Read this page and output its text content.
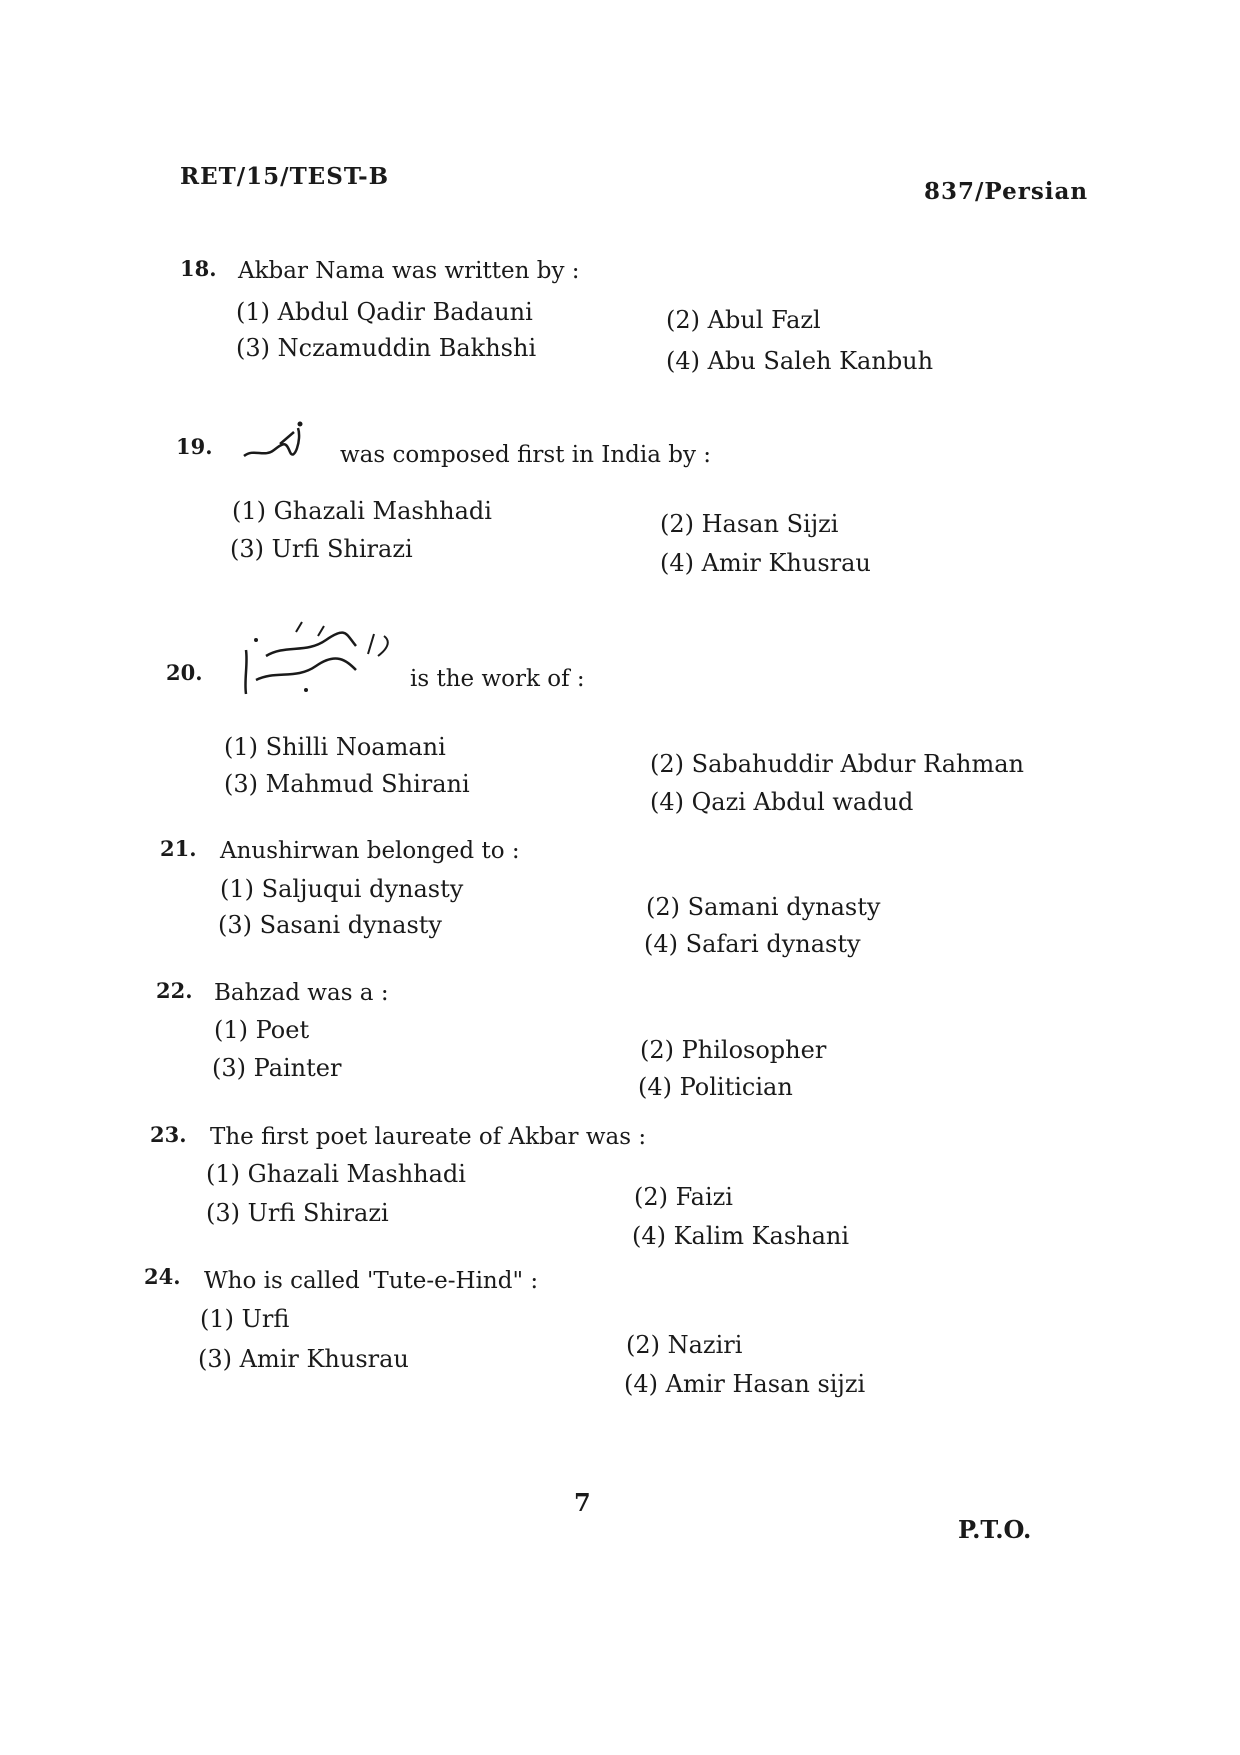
RET/15/TEST-B
837/Persian
18. Akbar Nama was written by :
(1) Abdul Qadir Badauni	(2) Abul Fazl
(3) Nczamuddin Bakhshi	(4) Abu Saleh Kanbuh
19.	was composed first in India by :
(1) Ghazali Mashhadi	(2) Hasan Sijzi
(3) Urfi Shirazi	(4) Amir Khusrau
20.	is the work of :
(1) Shilli Noamani
(2) Sabahuddir Abdur Rahman
(3) Mahmud Shirani
(4) Qazi Abdul wadud
21. Anushirwan belonged to :
(1) Saljuqui dynasty
(2) Samani dynasty
(3) Sasani dynasty
(4) Safari dynasty
22. Bahzad was a :
(1) Poet
(2) Philosopher
(3) Painter
(4) Politician
23. The first poet laureate of Akbar was :
(1) Ghazali Mashhadi
(2) Faizi
(3) Urfi Shirazi
(4) Kalim Kashani
24. Who is called 'Tute-e-Hind" :
(1) Urfi
(2) Naziri
(3) Amir Khusrau
(4) Amir Hasan sijzi
7
P.T.O.
